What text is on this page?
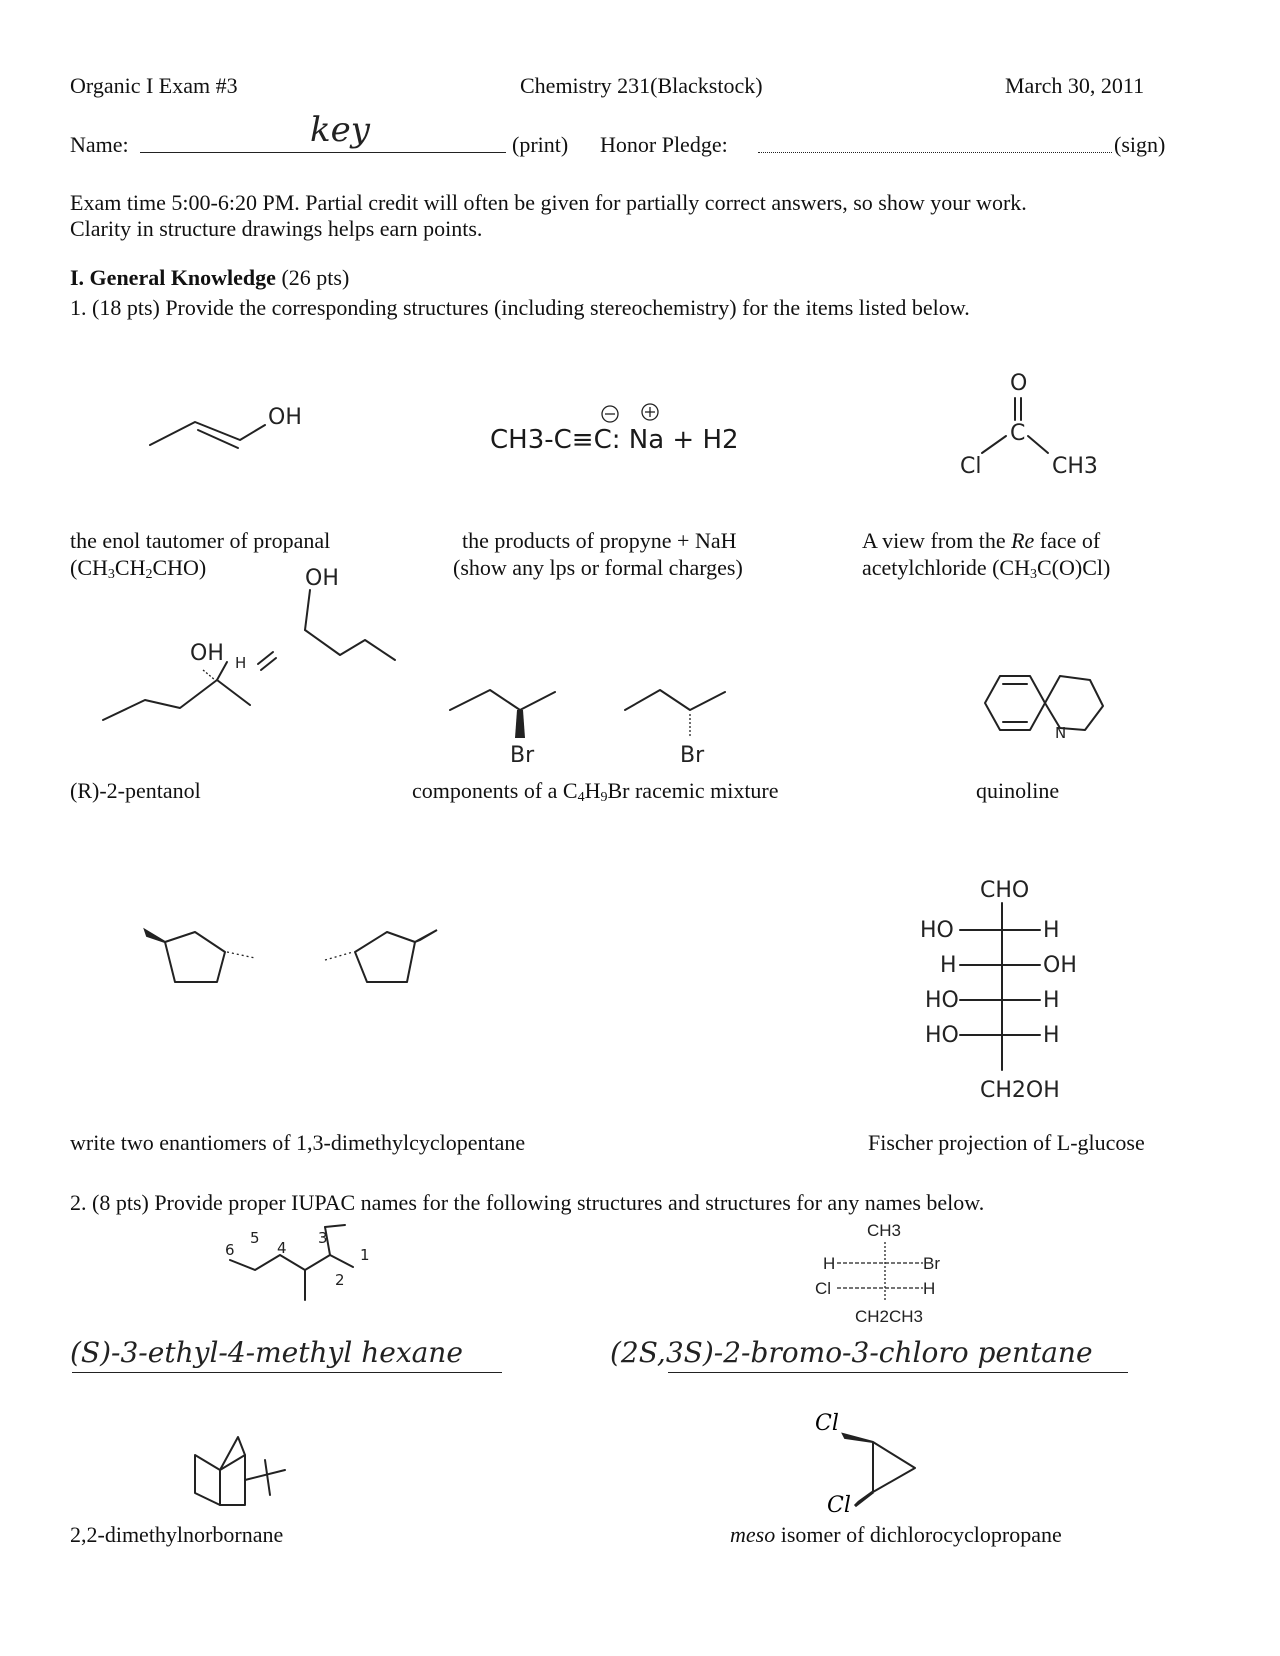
Organic I Exam #3	Chemistry 231(Blackstock)	March 30, 2011
Name:	key	(print) Honor Pledge:	(sign)
Exam time 5:00-6:20 PM. Partial credit will often be given for partially correct answers, so show your work.
Clarity in structure drawings helps earn points.
I. General Knowledge (26 pts)
1. (18 pts) Provide the corresponding structures (including stereochemistry) for the items listed below.
OH
the enol tautomer of propanal
$(CH_3CH_2CHO)$
CH3-C≡C: Na + H2
the products of propyne + NaH
(show any lps or formal charges)
O
C
Cl	CH3
A view from the Re face of
acetylchloride $(CH_3C(O)Cl)$
OH
OH H
(R)-2-pentanol
Br	Br
components of a $C_4H_9Br$ racemic mixture
N
quinoline
write two enantiomers of 1,3-dimethylcyclopentane
CHO
HO	H
H	OH
HO	H
HO	H
CH2OH
Fischer projection of L-glucose
2. (8 pts) Provide proper IUPAC names for the following structures and structures for any names below.
6
5
4
3
2
1
(S)-3-ethyl-4-methyl hexane
CH3
H	Br
Cl	H
CH2CH3
(2S,3S)-2-bromo-3-chloro pentane
2,2-dimethylnorbornane
Cl
Cl
meso isomer of dichlorocyclopropane
